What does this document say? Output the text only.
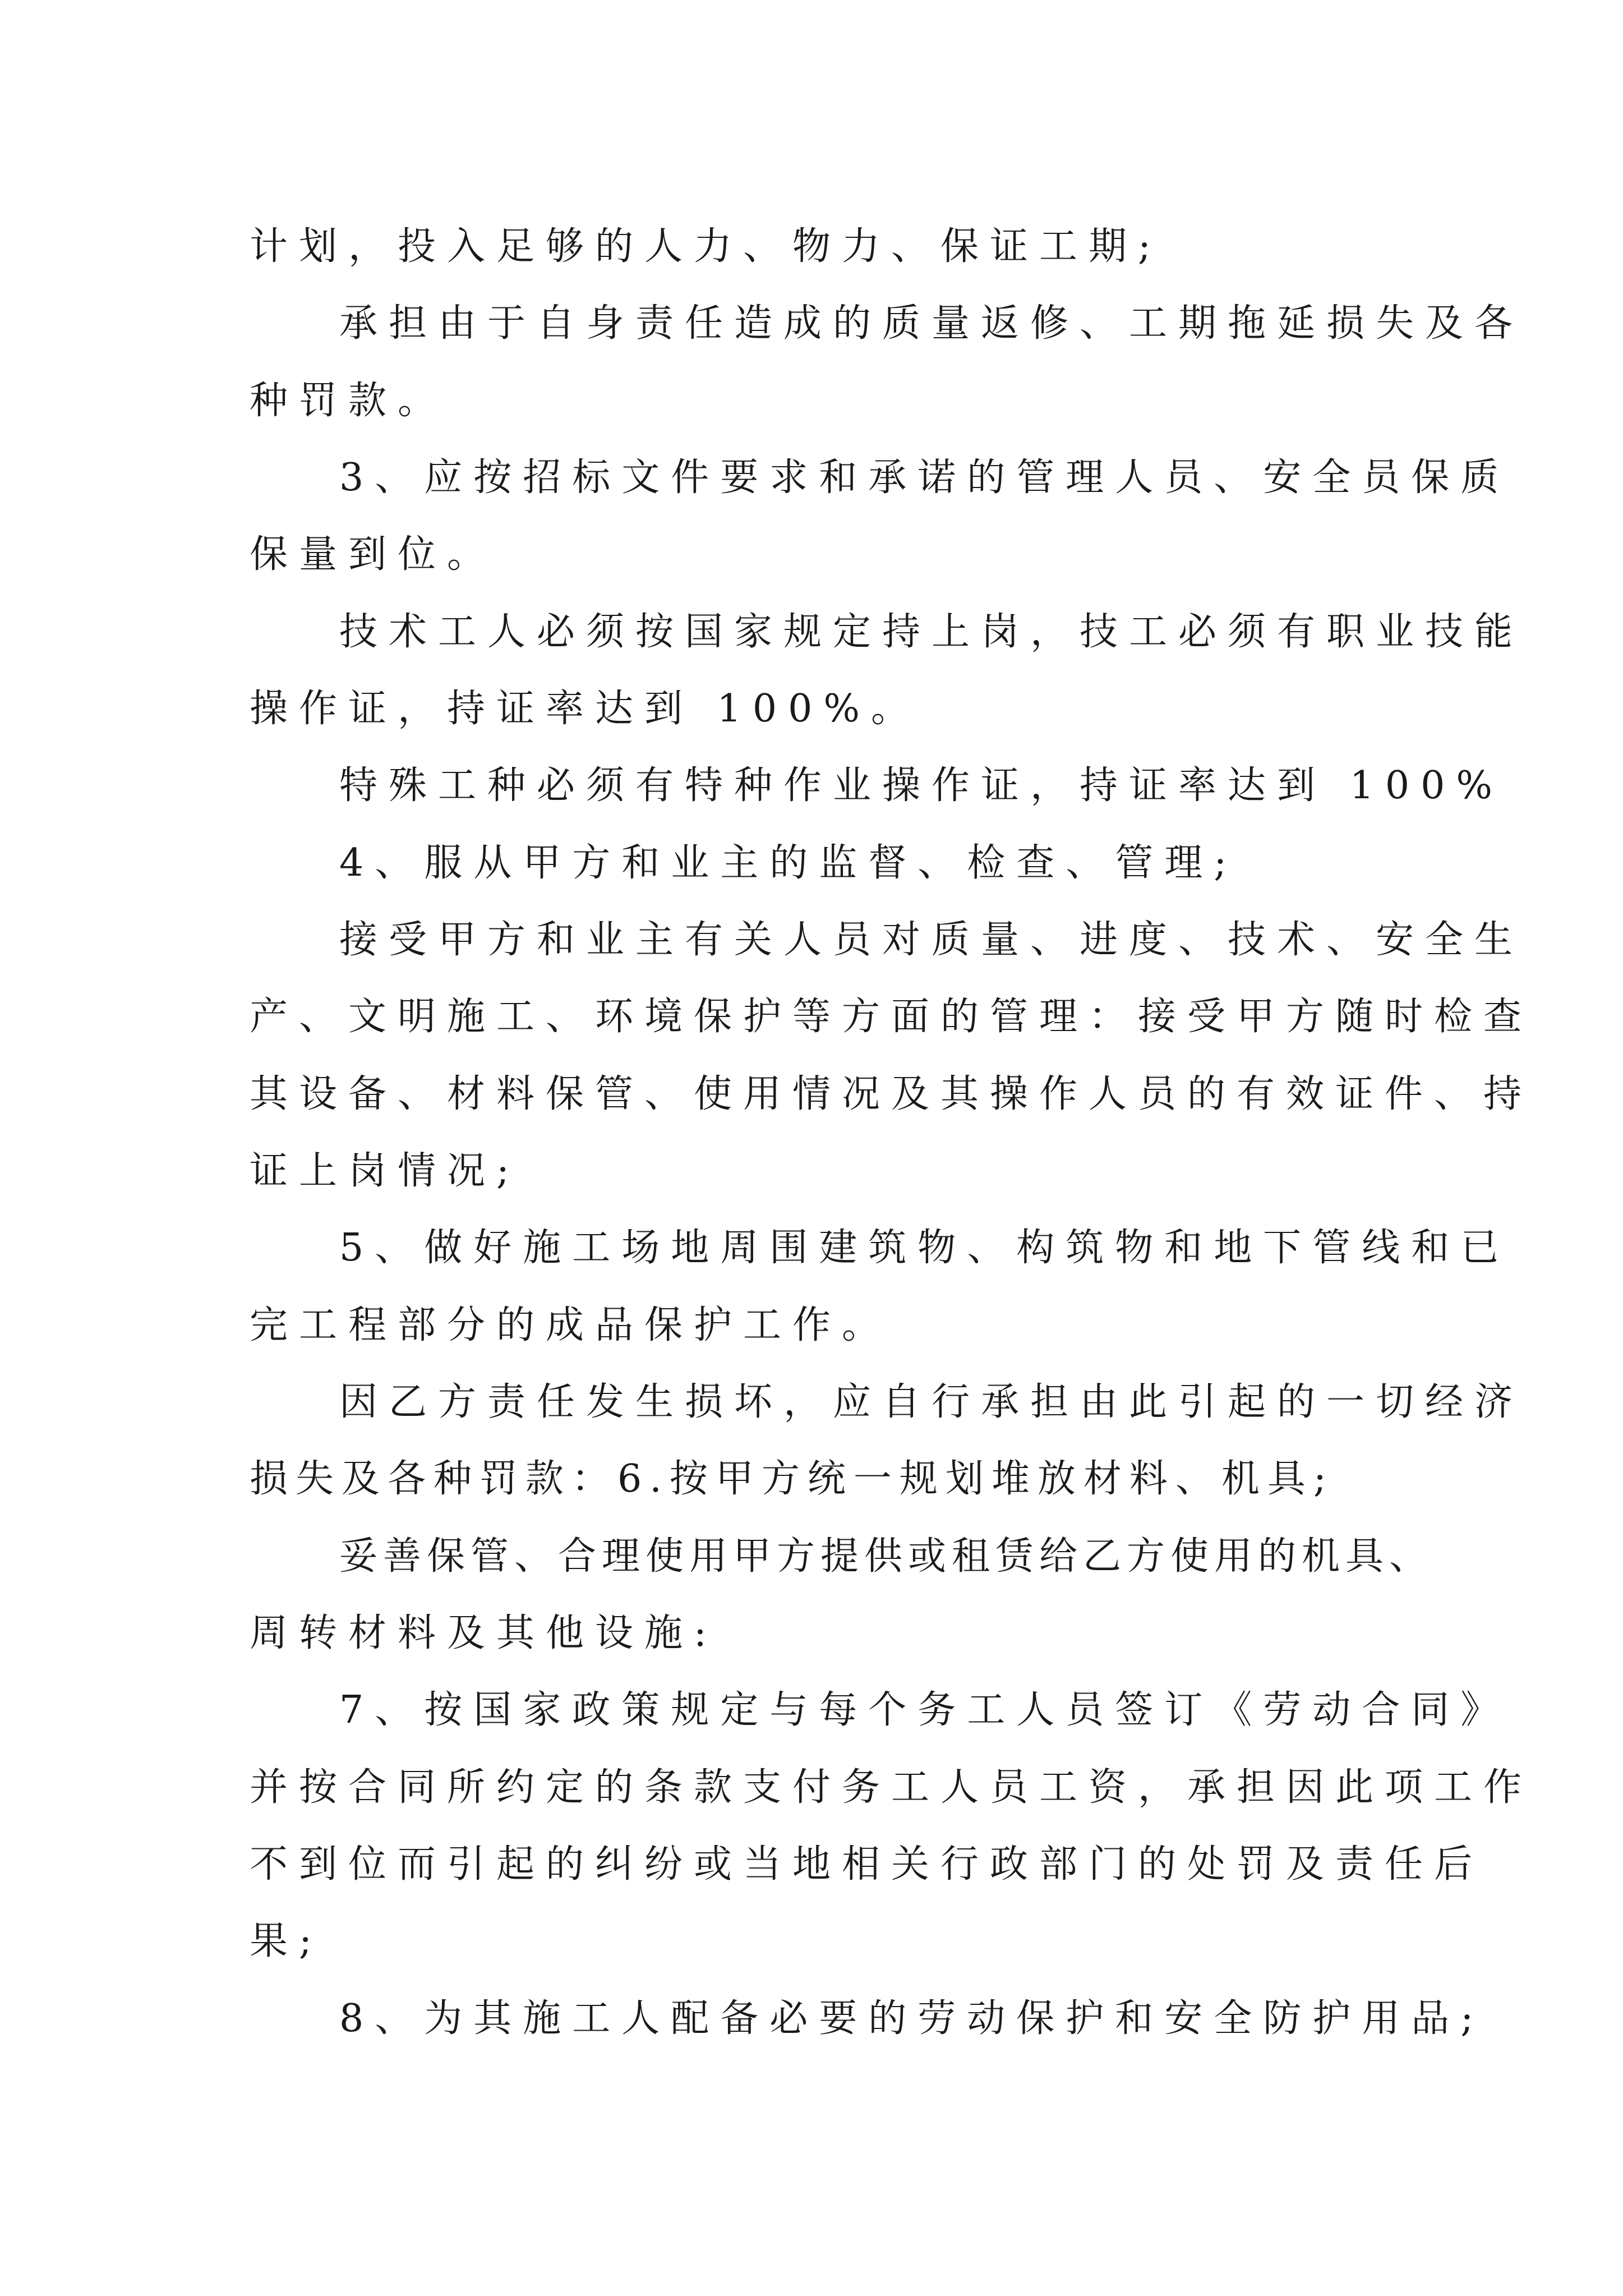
计划，投入足够的人力、物力、保证工期;

承担由于自身责任造成的质量返修、工期拖延损失及各

种罚款。

3、应按招标文件要求和承诺的管理人员、安全员保质

保量到位。

技术工人必须按国家规定持上岗，技工必须有职业技能

操作证，持证率达到 100%。

特殊工种必须有特种作业操作证，持证率达到 100%

4、服从甲方和业主的监督、检查、管理;

接受甲方和业主有关人员对质量、进度、技术、安全生

产、文明施工、环境保护等方面的管理：接受甲方随时检查

其设备、材料保管、使用情况及其操作人员的有效证件、持

证上岗情况;

5、做好施工场地周围建筑物、构筑物和地下管线和已

完工程部分的成品保护工作。

因乙方责任发生损坏，应自行承担由此引起的一切经济

损失及各种罚款：6.按甲方统一规划堆放材料、机具;

妥善保管、合理使用甲方提供或租赁给乙方使用的机具、

周转材料及其他设施:

7、按国家政策规定与每个务工人员签订《劳动合同》

并按合同所约定的条款支付务工人员工资，承担因此项工作

不到位而引起的纠纷或当地相关行政部门的处罚及责任后

果;

8、为其施工人配备必要的劳动保护和安全防护用品;
